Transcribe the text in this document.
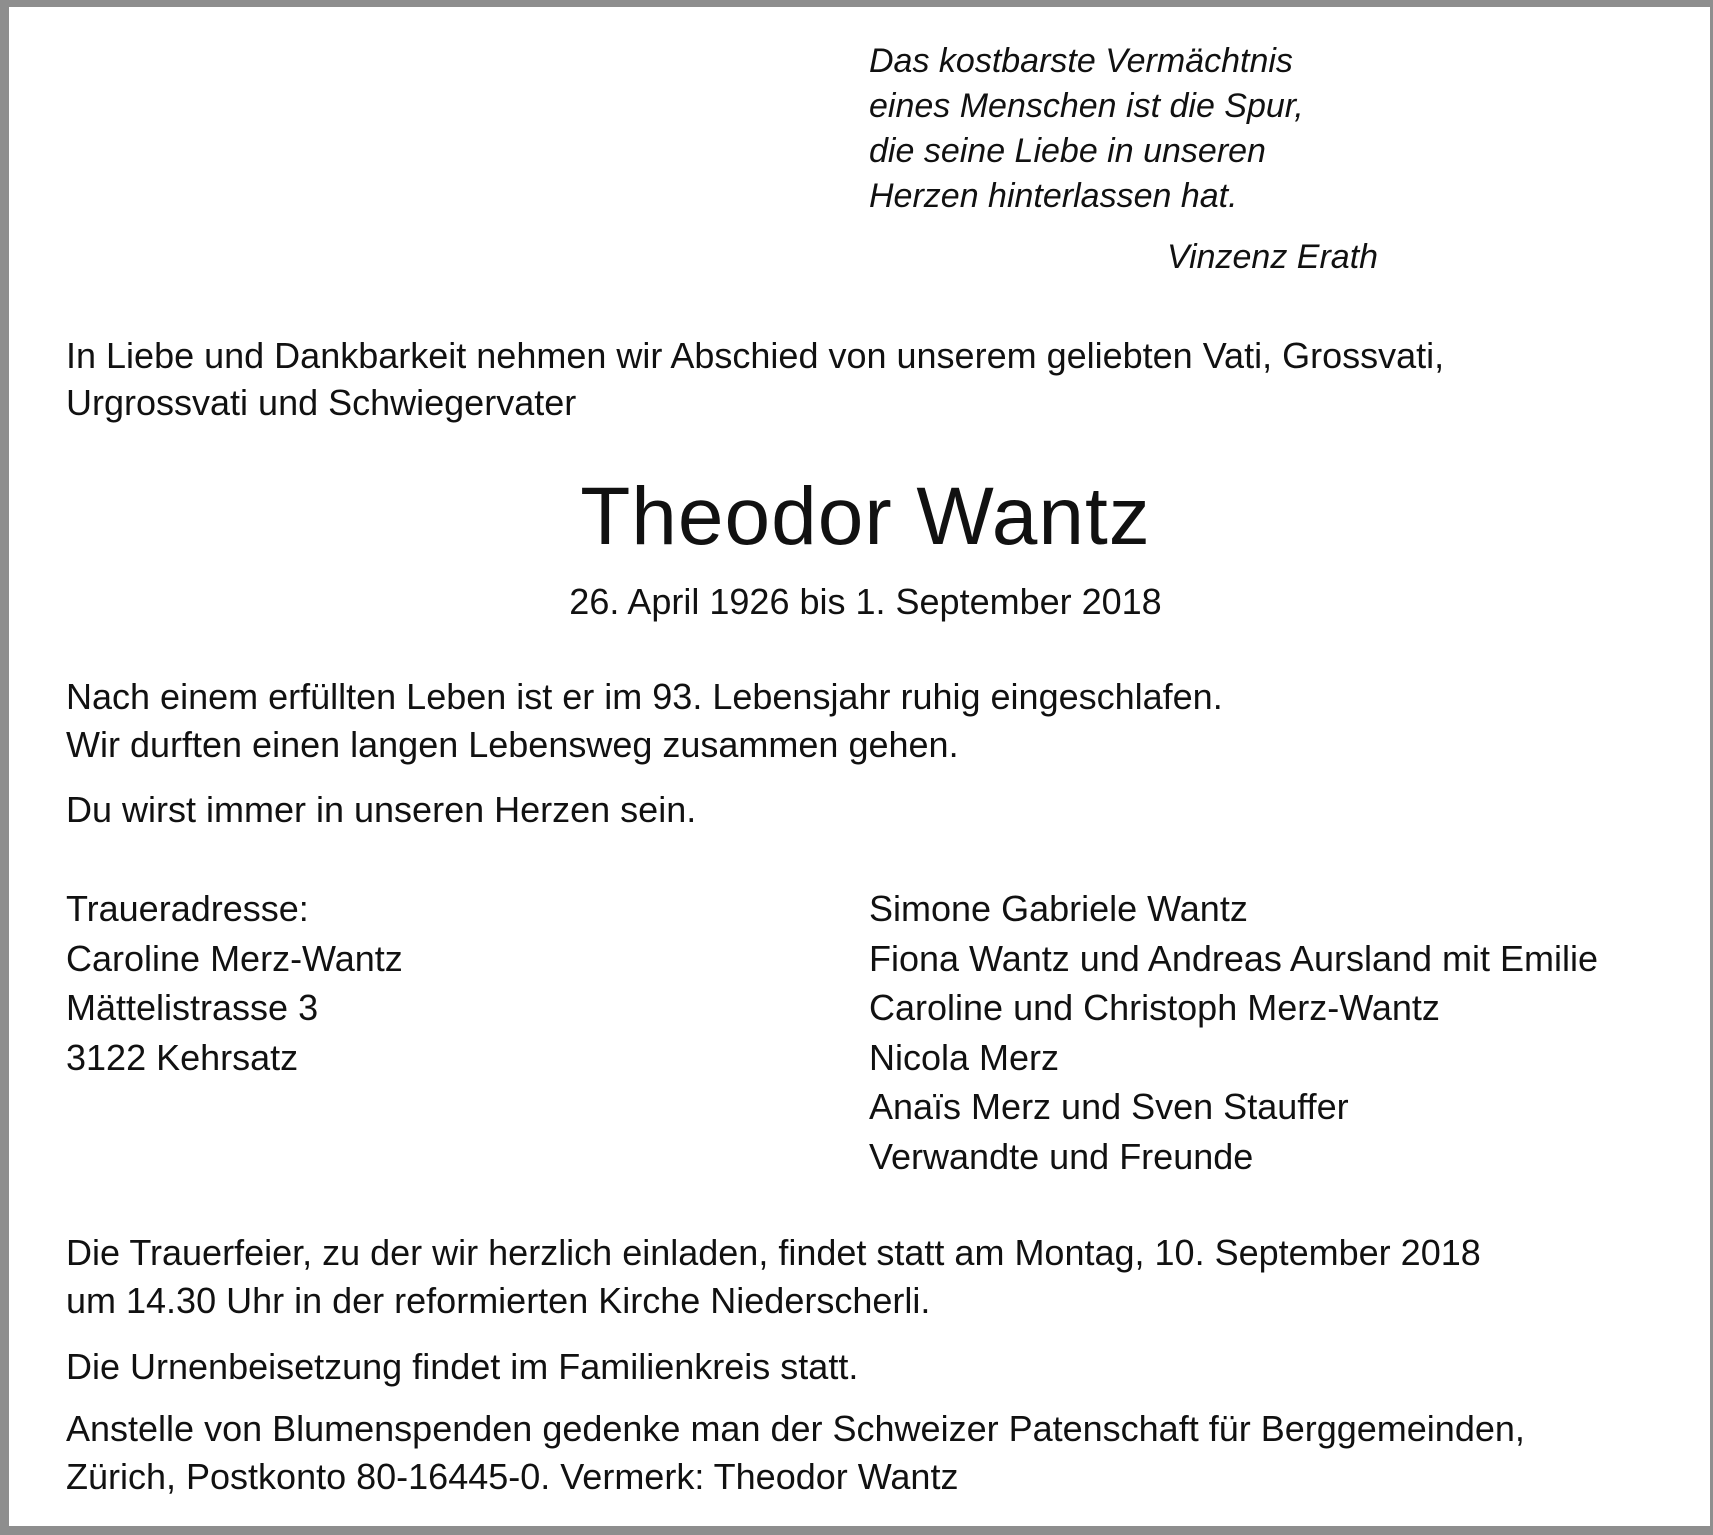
Das kostbarste Vermächtnis
eines Menschen ist die Spur,
die seine Liebe in unseren
Herzen hinterlassen hat.
Vinzenz Erath
In Liebe und Dankbarkeit nehmen wir Abschied von unserem geliebten Vati, Grossvati,
Urgrossvati und Schwiegervater
Theodor Wantz
26. April 1926 bis 1. September 2018
Nach einem erfüllten Leben ist er im 93. Lebensjahr ruhig eingeschlafen.
Wir durften einen langen Lebensweg zusammen gehen.
Du wirst immer in unseren Herzen sein.
Traueradresse:
Caroline Merz-Wantz
Mättelistrasse 3
3122 Kehrsatz
Simone Gabriele Wantz
Fiona Wantz und Andreas Aursland mit Emilie
Caroline und Christoph Merz-Wantz
Nicola Merz
Anaïs Merz und Sven Stauffer
Verwandte und Freunde
Die Trauerfeier, zu der wir herzlich einladen, findet statt am Montag, 10. September 2018
um 14.30 Uhr in der reformierten Kirche Niederscherli.
Die Urnenbeisetzung findet im Familienkreis statt.
Anstelle von Blumenspenden gedenke man der Schweizer Patenschaft für Berggemeinden,
Zürich, Postkonto 80-16445-0. Vermerk: Theodor Wantz
